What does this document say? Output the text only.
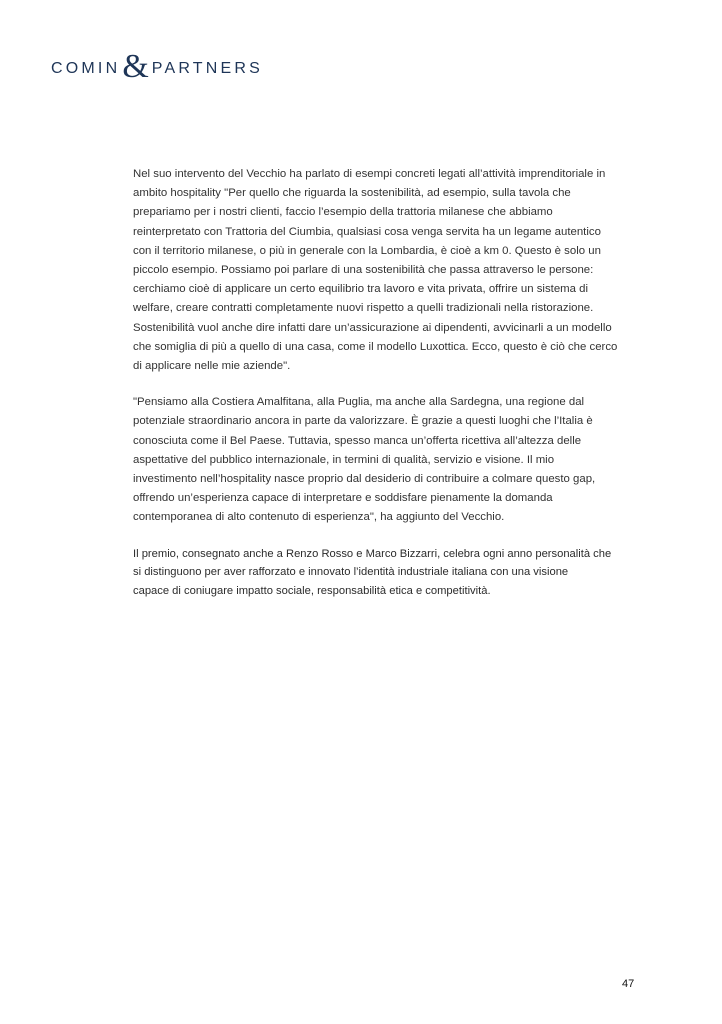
COMIN & PARTNERS

Nel suo intervento del Vecchio ha parlato di esempi concreti legati all’attività imprenditoriale in
ambito hospitality "Per quello che riguarda la sostenibilità, ad esempio, sulla tavola che
prepariamo per i nostri clienti, faccio l’esempio della trattoria milanese che abbiamo
reinterpretato con Trattoria del Ciumbia, qualsiasi cosa venga servita ha un legame autentico
con il territorio milanese, o più in generale con la Lombardia, è cioè a km 0. Questo è solo un
piccolo esempio. Possiamo poi parlare di una sostenibilità che passa attraverso le persone:
cerchiamo cioè di applicare un certo equilibrio tra lavoro e vita privata, offrire un sistema di
welfare, creare contratti completamente nuovi rispetto a quelli tradizionali nella ristorazione.
Sostenibilità vuol anche dire infatti dare un’assicurazione ai dipendenti, avvicinarli a un modello
che somiglia di più a quello di una casa, come il modello Luxottica. Ecco, questo è ciò che cerco
di applicare nelle mie aziende".

"Pensiamo alla Costiera Amalfitana, alla Puglia, ma anche alla Sardegna, una regione dal
potenziale straordinario ancora in parte da valorizzare. È grazie a questi luoghi che l’Italia è
conosciuta come il Bel Paese. Tuttavia, spesso manca un’offerta ricettiva all’altezza delle
aspettative del pubblico internazionale, in termini di qualità, servizio e visione. Il mio
investimento nell’hospitality nasce proprio dal desiderio di contribuire a colmare questo gap,
offrendo un’esperienza capace di interpretare e soddisfare pienamente la domanda
contemporanea di alto contenuto di esperienza", ha aggiunto del Vecchio.

Il premio, consegnato anche a Renzo Rosso e Marco Bizzarri, celebra ogni anno personalità che
si distinguono per aver rafforzato e innovato l’identità industriale italiana con una visione
capace di coniugare impatto sociale, responsabilità etica e competitività.

47
